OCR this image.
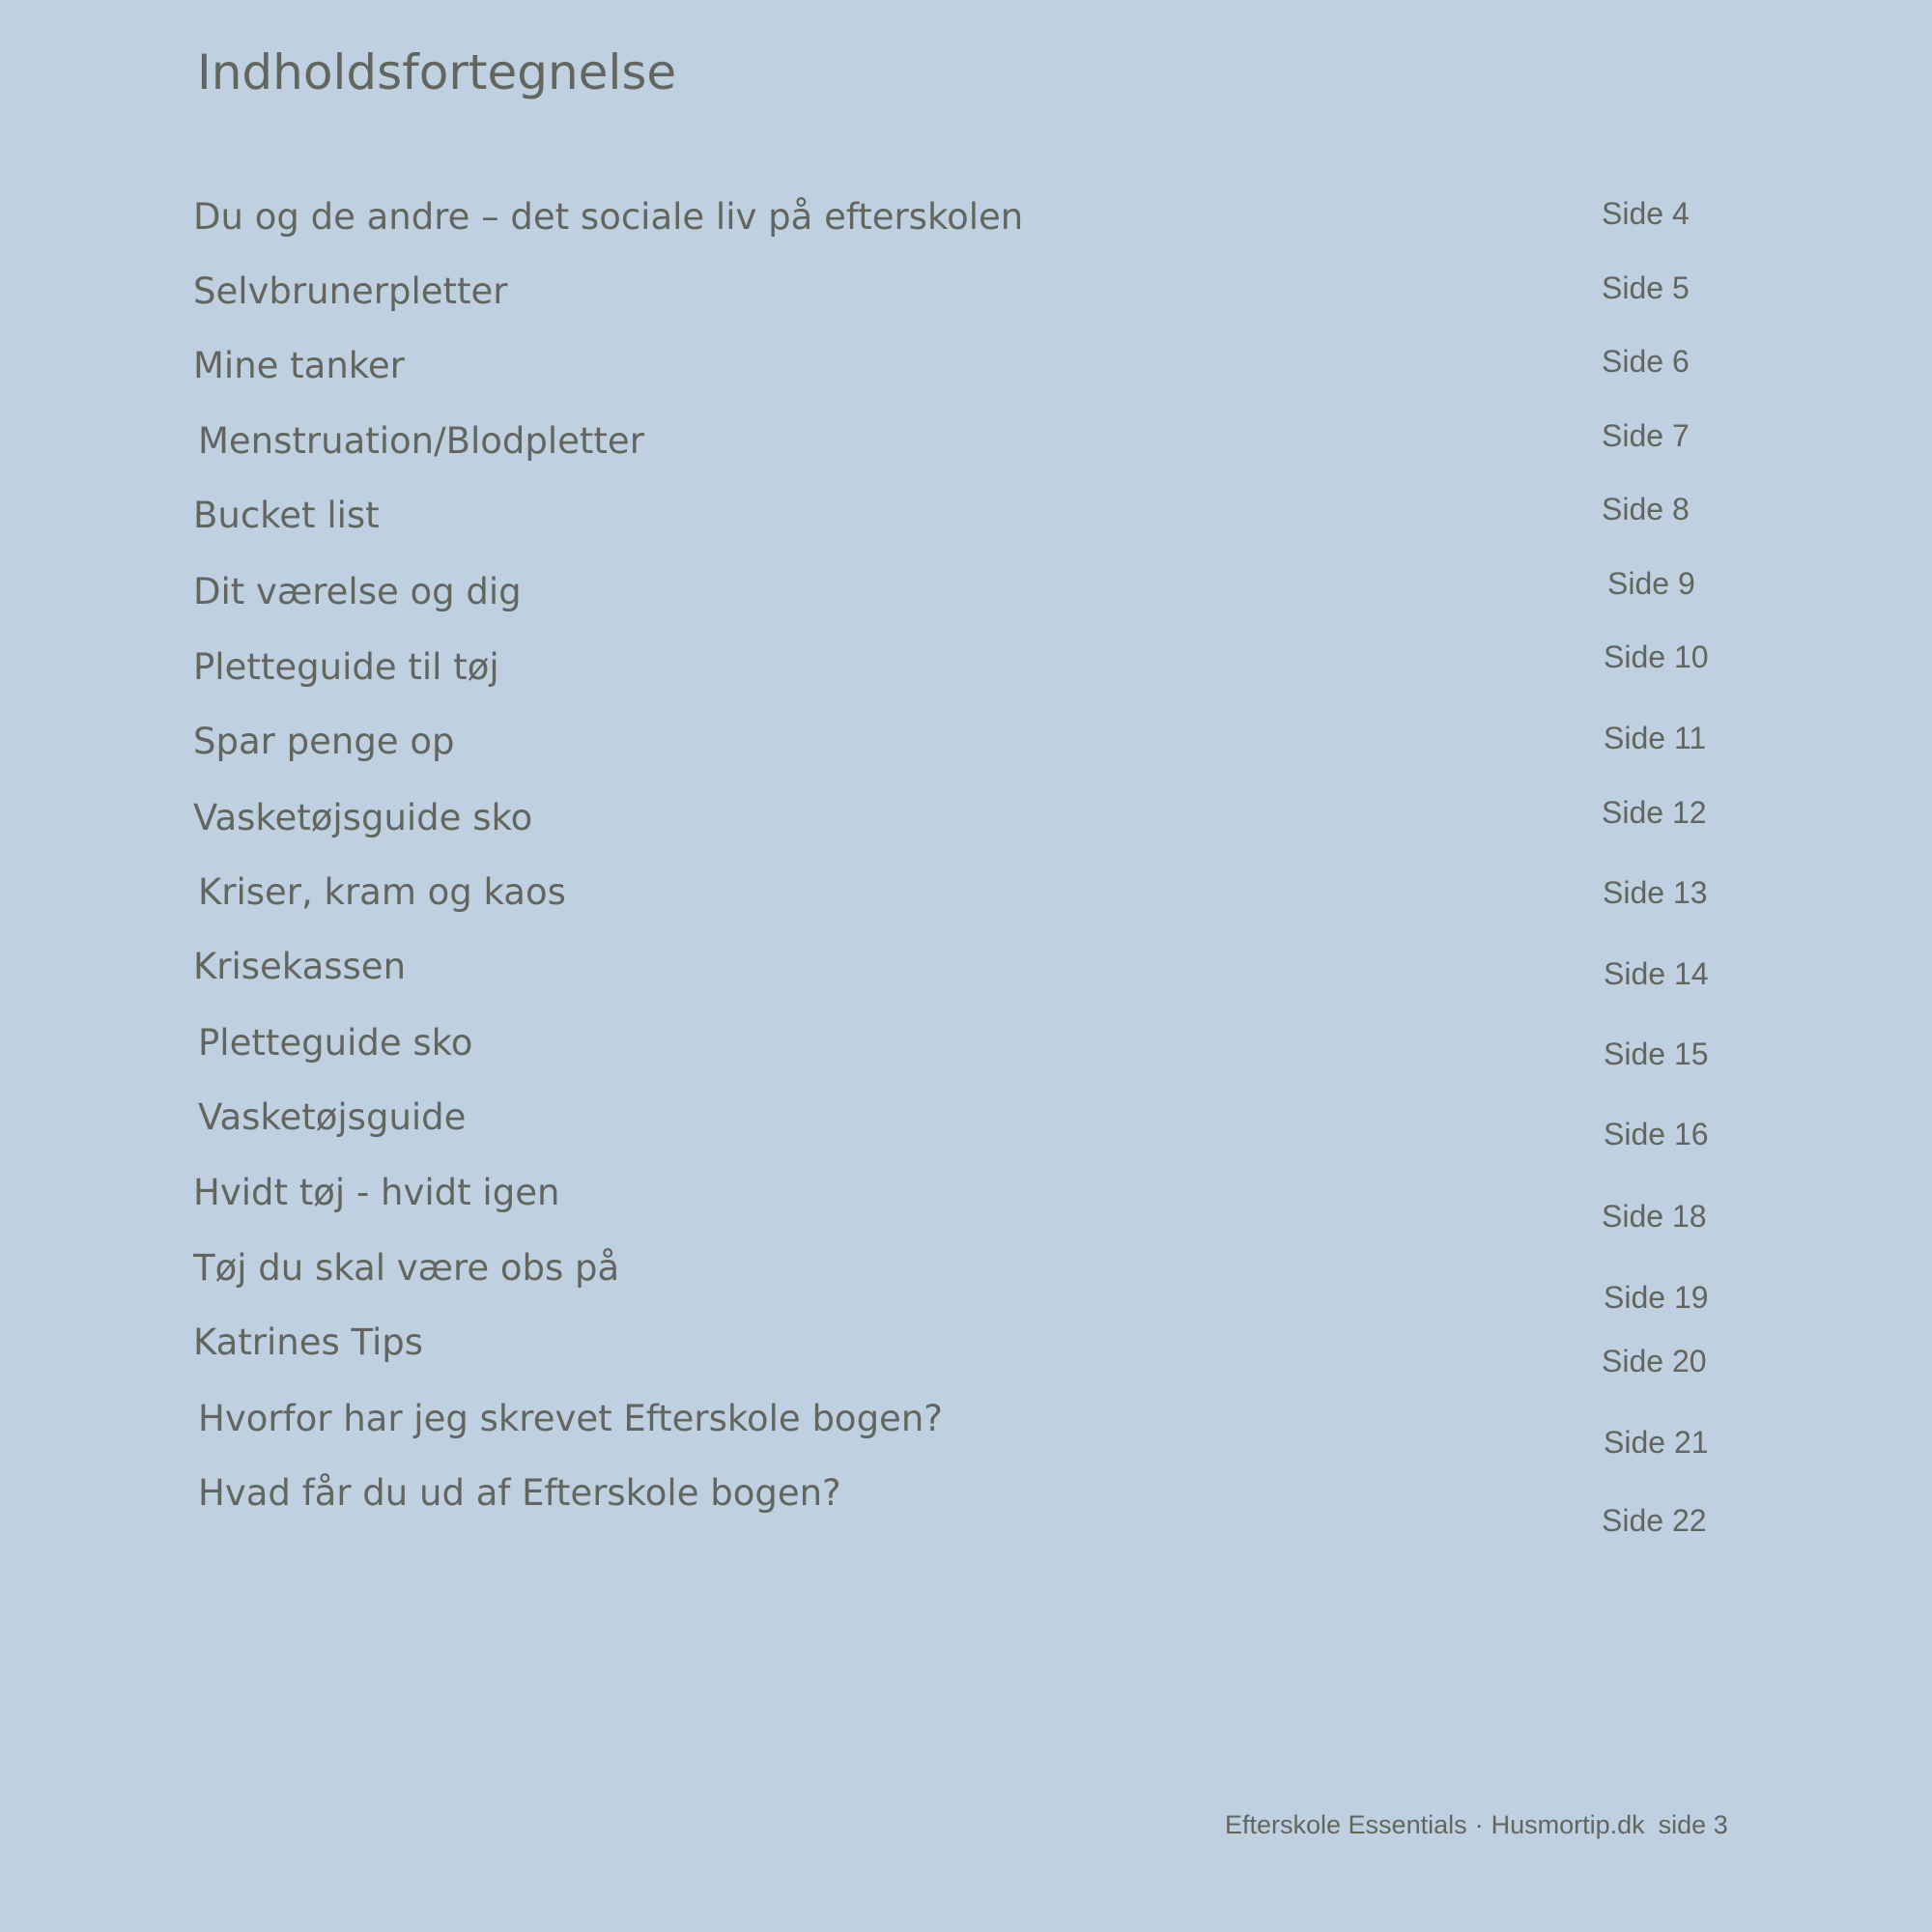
Indholdsfortegnelse
Du og de andre – det sociale liv på efterskolen
Selvbrunerpletter
Mine tanker
Menstruation/Blodpletter
Bucket list
Dit værelse og dig
Pletteguide til tøj
Spar penge op
Vasketøjsguide sko
Kriser, kram og kaos
Krisekassen
Pletteguide sko
Vasketøjsguide
Hvidt tøj - hvidt igen
Tøj du skal være obs på
Katrines Tips
Hvorfor har jeg skrevet Efterskole bogen?
Hvad får du ud af Efterskole bogen?
Side 4
Side 5
Side 6
Side 7
Side 8
Side 9
Side 10
Side 11
Side 12
Side 13
Side 14
Side 15
Side 16
Side 18
Side 19
Side 20
Side 21
Side 22
Efterskole Essentials · Husmortip.dk side 3
